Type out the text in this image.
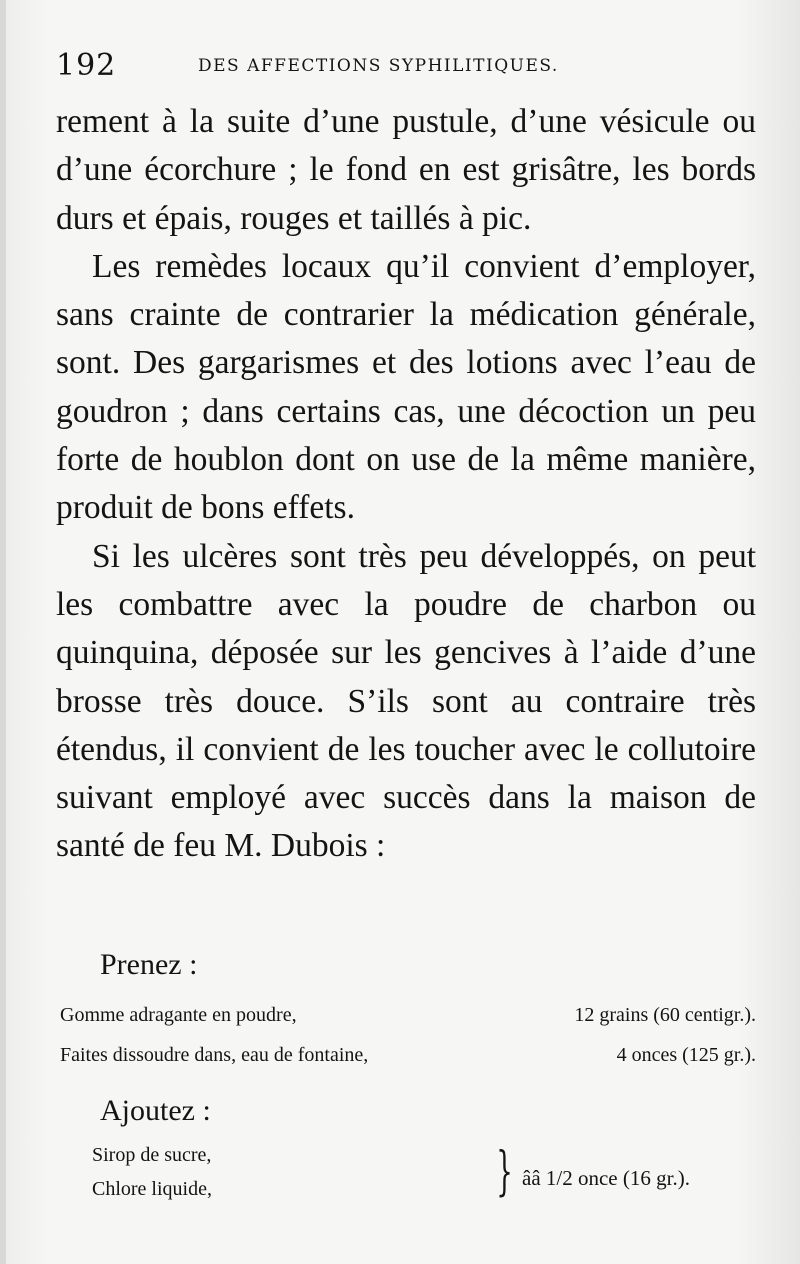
192	DES AFFECTIONS SYPHILITIQUES.

rement à la suite d’une pustule, d’une vésicule ou d’une écorchure ; le fond en est grisâtre, les bords durs et épais, rouges et taillés à pic.

Les remèdes locaux qu’il convient d’employer, sans crainte de contrarier la médication générale, sont. Des gargarismes et des lotions avec l’eau de goudron ; dans certains cas, une décoction un peu forte de houblon dont on use de la même manière, produit de bons effets.

Si les ulcères sont très peu développés, on peut les combattre avec la poudre de charbon ou quinquina, déposée sur les gencives à l’aide d’une brosse très douce. S’ils sont au contraire très étendus, il convient de les toucher avec le collutoire suivant employé avec succès dans la maison de santé de feu M. Dubois :

Prenez :
Gomme adragante en poudre,	12 grains (60 centigr.).
Faites dissoudre dans, eau de fontaine,	4 onces (125 gr.).
Ajoutez :
Sirop de sucre,
Chlore liquide,	} ââ 1/2 once (16 gr.).
